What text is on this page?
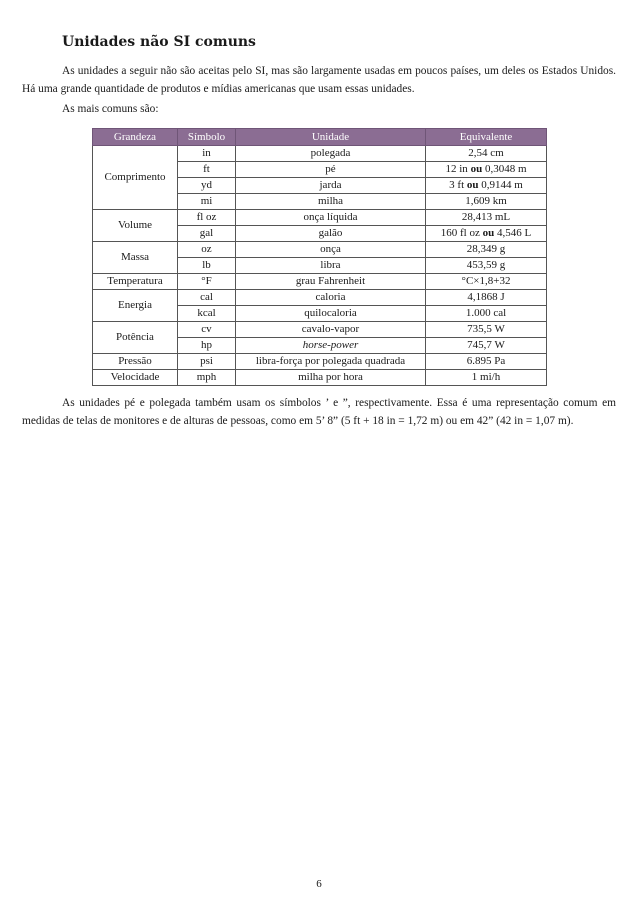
Unidades não SI comuns

As unidades a seguir não são aceitas pelo SI, mas são largamente usadas em poucos países, um deles os Estados Unidos. Há uma grande quantidade de produtos e mídias americanas que usam essas unidades.

As mais comuns são:

Grandeza	Símbolo	Unidade	Equivalente
Comprimento	in	polegada	2,54 cm
	ft	pé	12 in ou 0,3048 m
	yd	jarda	3 ft ou 0,9144 m
	mi	milha	1,609 km
Volume	fl oz	onça líquida	28,413 mL
	gal	galão	160 fl oz ou 4,546 L
Massa	oz	onça	28,349 g
	lb	libra	453,59 g
Temperatura	°F	grau Fahrenheit	°C×1,8+32
Energia	cal	caloria	4,1868 J
	kcal	quilocaloria	1.000 cal
Potência	cv	cavalo-vapor	735,5 W
	hp	horse-power	745,7 W
Pressão	psi	libra-força por polegada quadrada	6.895 Pa
Velocidade	mph	milha por hora	1 mi/h

As unidades pé e polegada também usam os símbolos ’ e ”, respectivamente. Essa é uma representação comum em medidas de telas de monitores e de alturas de pessoas, como em 5’ 8” (5 ft + 18 in = 1,72 m) ou em 42” (42 in = 1,07 m).

6
